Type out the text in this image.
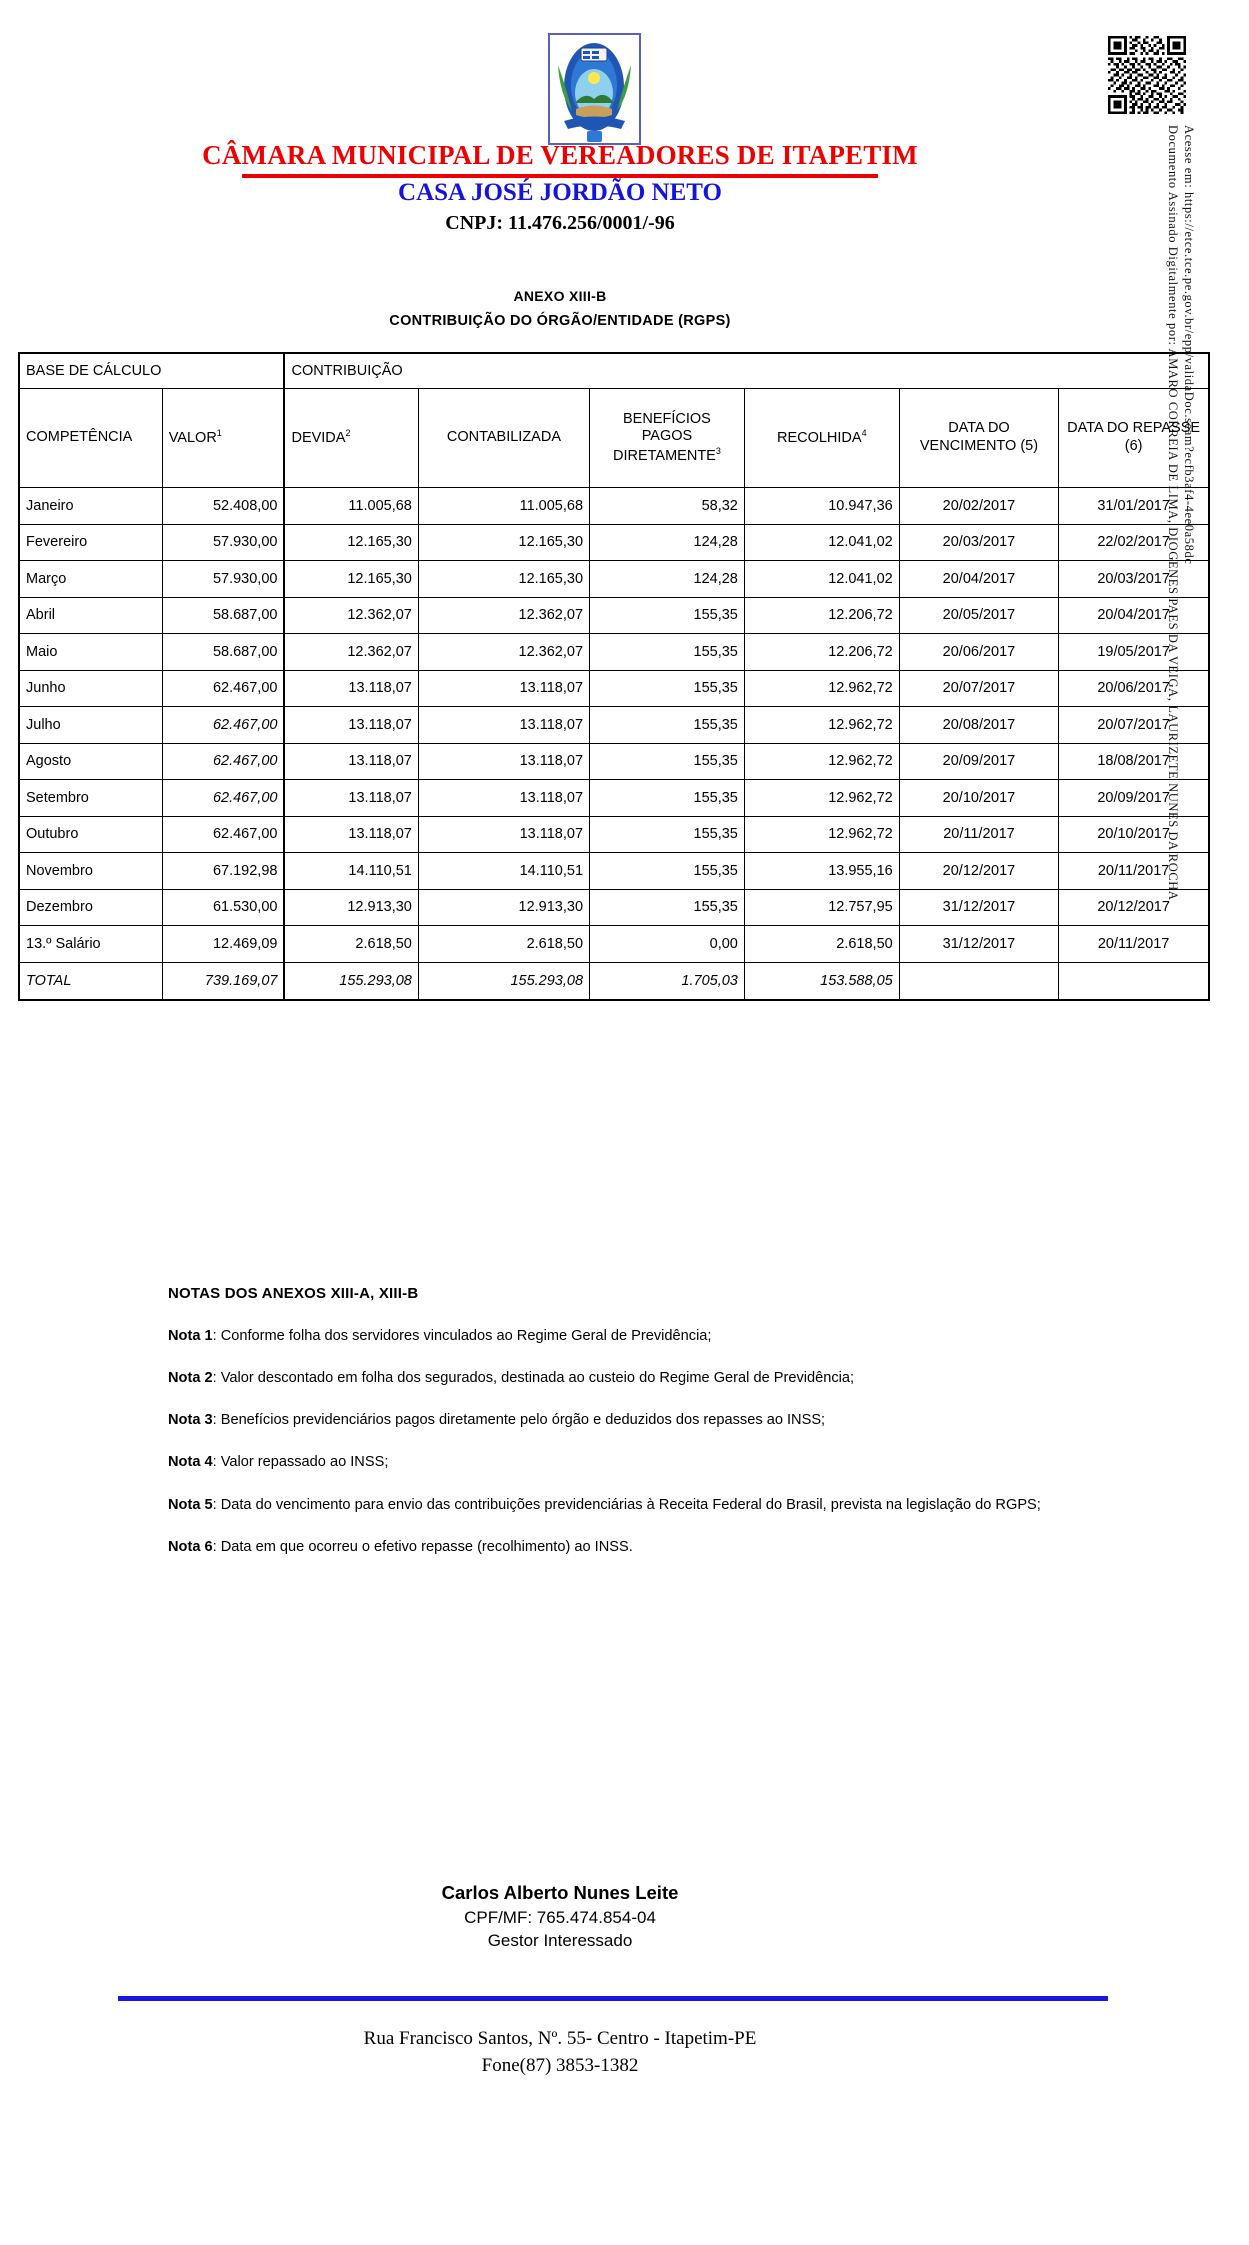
Documento Assinado Digitalmente por: AMARO CORREIA DE LIMA, DIOGENES PAES DA VEIGA, LAURIZETE NUNES DA ROCHA Acesse em: https://etce.tce.pe.gov.br/epp/validaDoc.seam?ecfb3af4-4ee0a58dc
CÂMARA MUNICIPAL DE VEREADORES DE ITAPETIM
CASA JOSÉ JORDÃO NETO
CNPJ: 11.476.256/0001/-96
ANEXO XIII-B
CONTRIBUIÇÃO DO ÓRGÃO/ENTIDADE (RGPS)
BASE DE CÁLCULO		CONTRIBUIÇÃO					
COMPETÊNCIA	VALOR$^1$	DEVIDA$^2$	CONTABILIZADA	BENEFÍCIOS PAGOS DIRETAMENTE$^3$	RECOLHIDA$^4$	DATA DO VENCIMENTO (5)	DATA DO REPASSE (6)
Janeiro	52.408,00	11.005,68	11.005,68	58,32	10.947,36	20/02/2017	31/01/2017
Fevereiro	57.930,00	12.165,30	12.165,30	124,28	12.041,02	20/03/2017	22/02/2017
Março	57.930,00	12.165,30	12.165,30	124,28	12.041,02	20/04/2017	20/03/2017
Abril	58.687,00	12.362,07	12.362,07	155,35	12.206,72	20/05/2017	20/04/2017
Maio	58.687,00	12.362,07	12.362,07	155,35	12.206,72	20/06/2017	19/05/2017
Junho	62.467,00	13.118,07	13.118,07	155,35	12.962,72	20/07/2017	20/06/2017
Julho	62.467,00	13.118,07	13.118,07	155,35	12.962,72	20/08/2017	20/07/2017
Agosto	62.467,00	13.118,07	13.118,07	155,35	12.962,72	20/09/2017	18/08/2017
Setembro	62.467,00	13.118,07	13.118,07	155,35	12.962,72	20/10/2017	20/09/2017
Outubro	62.467,00	13.118,07	13.118,07	155,35	12.962,72	20/11/2017	20/10/2017
Novembro	67.192,98	14.110,51	14.110,51	155,35	13.955,16	20/12/2017	20/11/2017
Dezembro	61.530,00	12.913,30	12.913,30	155,35	12.757,95	31/12/2017	20/12/2017
13.º Salário	12.469,09	2.618,50	2.618,50	0,00	2.618,50	31/12/2017	20/11/2017
TOTAL	739.169,07	155.293,08	155.293,08	1.705,03	153.588,05		
NOTAS DOS ANEXOS XIII-A, XIII-B
Nota 1: Conforme folha dos servidores vinculados ao Regime Geral de Previdência;
Nota 2: Valor descontado em folha dos segurados, destinada ao custeio do Regime Geral de Previdência;
Nota 3: Benefícios previdenciários pagos diretamente pelo órgão e deduzidos dos repasses ao INSS;
Nota 4: Valor repassado ao INSS;
Nota 5: Data do vencimento para envio das contribuições previdenciárias à Receita Federal do Brasil, prevista na legislação do RGPS;
Nota 6: Data em que ocorreu o efetivo repasse (recolhimento) ao INSS.
Carlos Alberto Nunes Leite
CPF/MF: 765.474.854-04
Gestor Interessado
Rua Francisco Santos, Nº. 55- Centro - Itapetim-PE
Fone(87) 3853-1382
